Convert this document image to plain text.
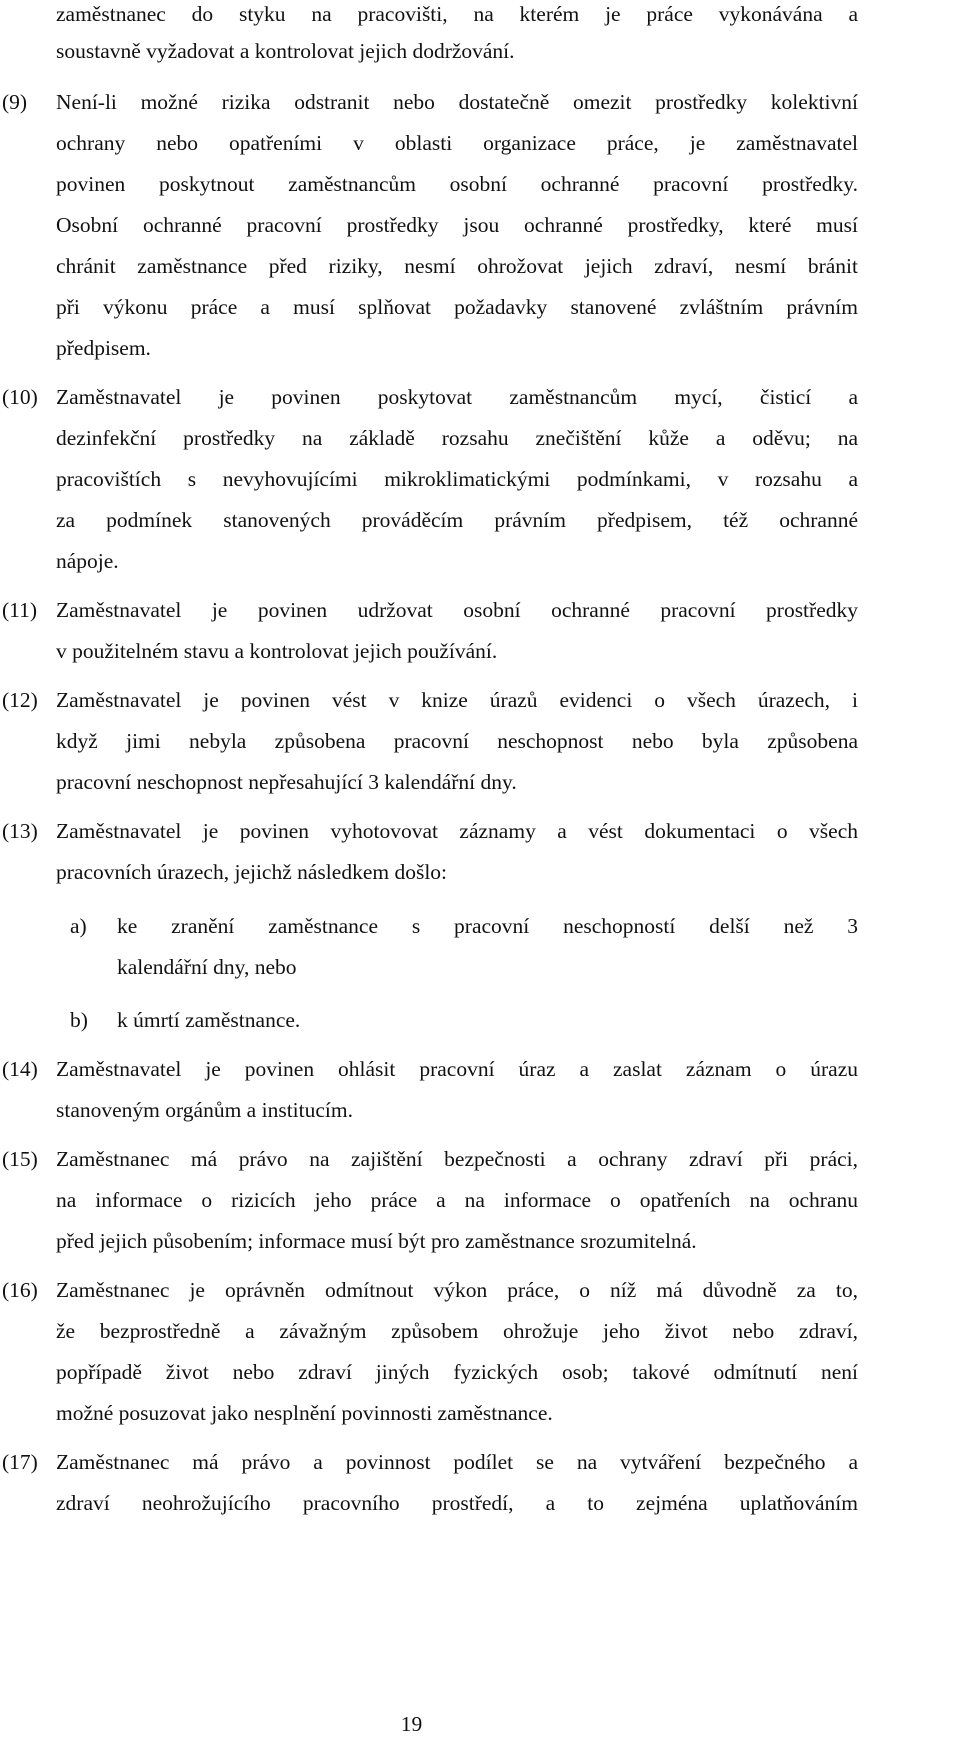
zaměstnanec do styku na pracovišti, na kterém je práce vykonávána a
soustavně vyžadovat a kontrolovat jejich dodržování.
(9) Není-li možné rizika odstranit nebo dostatečně omezit prostředky kolektivní
ochrany nebo opatřeními v oblasti organizace práce, je zaměstnavatel
povinen poskytnout zaměstnancům osobní ochranné pracovní prostředky.
Osobní ochranné pracovní prostředky jsou ochranné prostředky, které musí
chránit zaměstnance před riziky, nesmí ohrožovat jejich zdraví, nesmí bránit
při výkonu práce a musí splňovat požadavky stanovené zvláštním právním
předpisem.
(10) Zaměstnavatel je povinen poskytovat zaměstnancům mycí, čisticí a
dezinfekční prostředky na základě rozsahu znečištění kůže a oděvu; na
pracovištích s nevyhovujícími mikroklimatickými podmínkami, v rozsahu a
za podmínek stanovených prováděcím právním předpisem, též ochranné
nápoje.
(11) Zaměstnavatel je povinen udržovat osobní ochranné pracovní prostředky
v použitelném stavu a kontrolovat jejich používání.
(12) Zaměstnavatel je povinen vést v knize úrazů evidenci o všech úrazech, i
když jimi nebyla způsobena pracovní neschopnost nebo byla způsobena
pracovní neschopnost nepřesahující 3 kalendářní dny.
(13) Zaměstnavatel je povinen vyhotovovat záznamy a vést dokumentaci o všech
pracovních úrazech, jejichž následkem došlo:
a) ke zranění zaměstnance s pracovní neschopností delší než 3
kalendářní dny, nebo
b) k úmrtí zaměstnance.
(14) Zaměstnavatel je povinen ohlásit pracovní úraz a zaslat záznam o úrazu
stanoveným orgánům a institucím.
(15) Zaměstnanec má právo na zajištění bezpečnosti a ochrany zdraví při práci,
na informace o rizicích jeho práce a na informace o opatřeních na ochranu
před jejich působením; informace musí být pro zaměstnance srozumitelná.
(16) Zaměstnanec je oprávněn odmítnout výkon práce, o níž má důvodně za to,
že bezprostředně a závažným způsobem ohrožuje jeho život nebo zdraví,
popřípadě život nebo zdraví jiných fyzických osob; takové odmítnutí není
možné posuzovat jako nesplnění povinnosti zaměstnance.
(17) Zaměstnanec má právo a povinnost podílet se na vytváření bezpečného a
zdraví neohrožujícího pracovního prostředí, a to zejména uplatňováním
19
